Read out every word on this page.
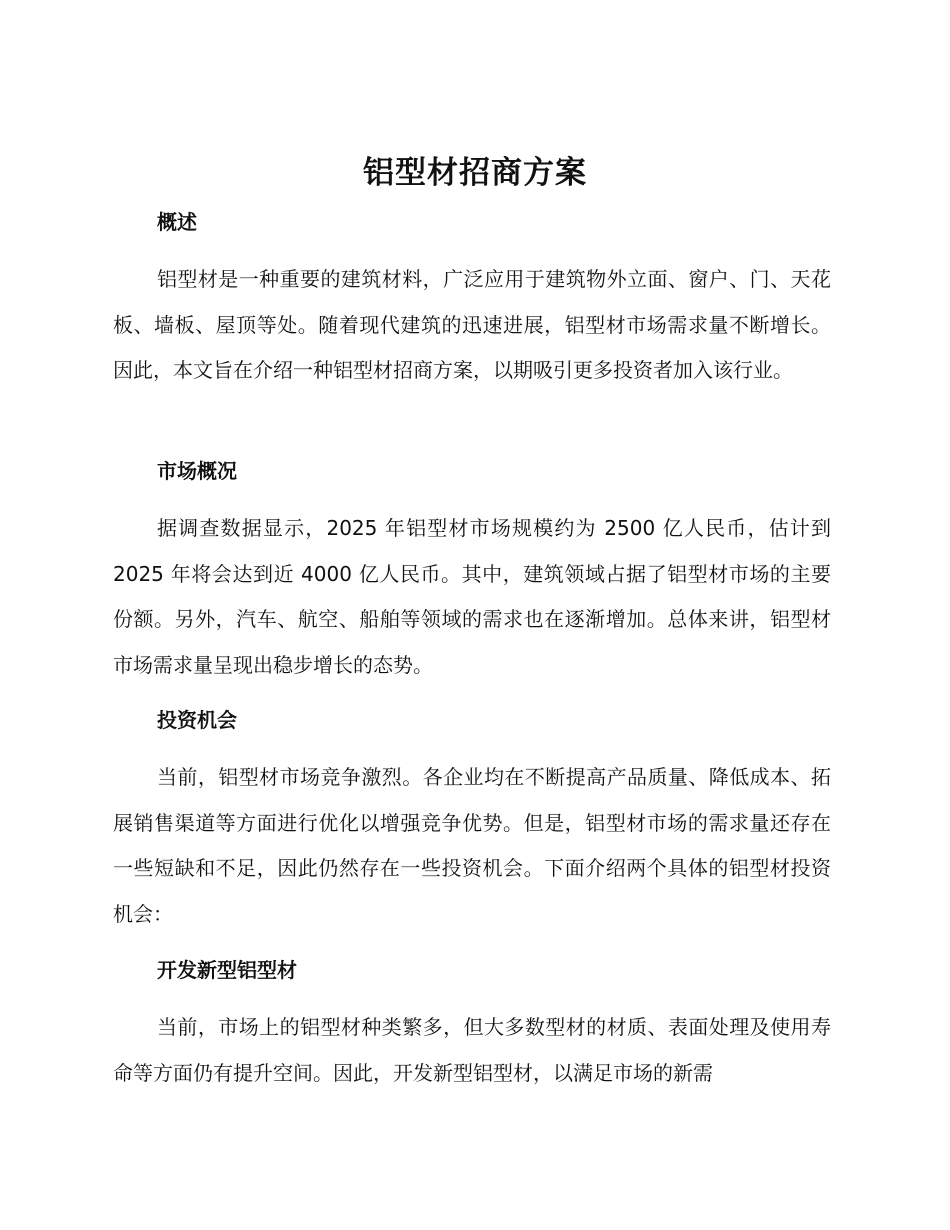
铝型材招商方案
概述

铝型材是一种重要的建筑材料，广泛应用于建筑物外立面、窗户、门、天花板、墙板、屋顶等处。随着现代建筑的迅速进展，铝型材市场需求量不断增长。因此，本文旨在介绍一种铝型材招商方案，以期吸引更多投资者加入该行业。

市场概况

据调查数据显示，2025 年铝型材市场规模约为 2500 亿人民币，估计到 2025 年将会达到近 4000 亿人民币。其中，建筑领域占据了铝型材市场的主要份额。另外，汽车、航空、船舶等领域的需求也在逐渐增加。总体来讲，铝型材市场需求量呈现出稳步增长的态势。

投资机会

当前，铝型材市场竞争激烈。各企业均在不断提高产品质量、降低成本、拓展销售渠道等方面进行优化以增强竞争优势。但是，铝型材市场的需求量还存在一些短缺和不足，因此仍然存在一些投资机会。下面介绍两个具体的铝型材投资机会：

开发新型铝型材

当前，市场上的铝型材种类繁多，但大多数型材的材质、表面处理及使用寿命等方面仍有提升空间。因此，开发新型铝型材，以满足市场的新需
